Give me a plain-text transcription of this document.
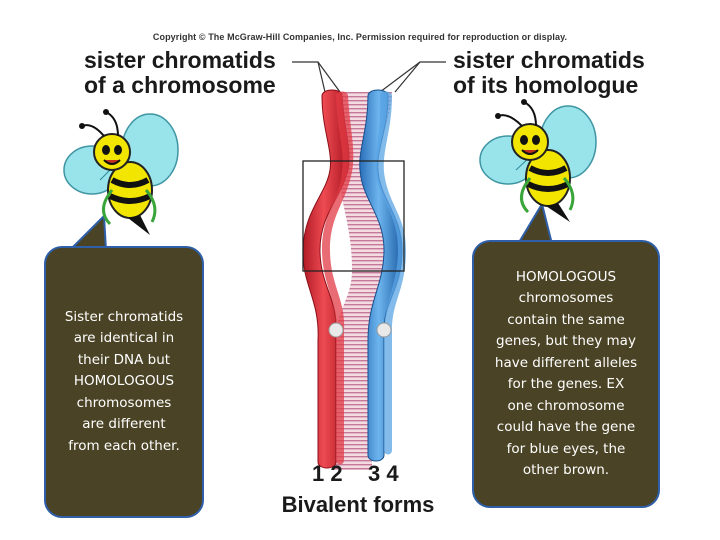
Copyright © The McGraw-Hill Companies, Inc. Permission required for reproduction or display.
sister chromatids
of a chromosome
sister chromatids
of its homologue
1 2 3 4
Bivalent forms
Sister chromatids
are identical in
their DNA but
HOMOLOGOUS
chromosomes
are different
from each other.
HOMOLOGOUS
chromosomes
contain the same
genes, but they may
have different alleles
for the genes. EX
one chromosome
could have the gene
for blue eyes, the
other brown.
